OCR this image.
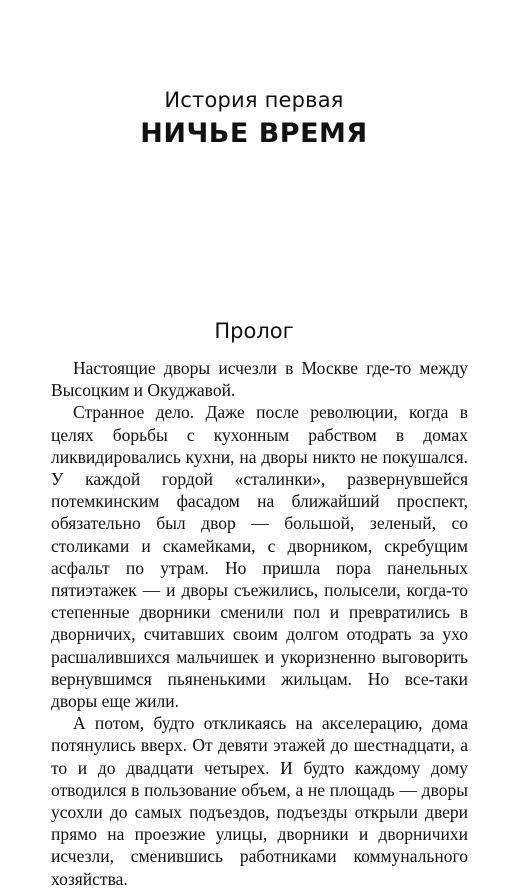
История первая
НИЧЬЕ ВРЕМЯ
Пролог

Настоящие дворы исчезли в Москве где-то между Высоцким и Окуджавой.

Странное дело. Даже после революции, когда в целях борьбы с кухонным рабством в домах ликвидировались кухни, на дворы никто не покушался. У каждой гордой «сталинки», развернувшейся потемкинским фасадом на ближайший проспект, обязательно был двор — большой, зеленый, со столиками и скамейками, с дворником, скребущим асфальт по утрам. Но пришла пора панельных пятиэтажек — и дворы съежились, полысели, когда-то степенные дворники сменили пол и превратились в дворничих, считавших своим долгом отодрать за ухо расшалившихся мальчишек и укоризненно выговорить вернувшимся пьяненькими жильцам. Но все-таки дворы еще жили.

А потом, будто откликаясь на акселерацию, дома потянулись вверх. От девяти этажей до шестнадцати, а то и до двадцати четырех. И будто каждому дому отводился в пользование объем, а не площадь — дворы усохли до самых подъездов, подъезды открыли двери прямо на проезжие улицы, дворники и дворничихи исчезли, сменившись работниками коммунального хозяйства.
